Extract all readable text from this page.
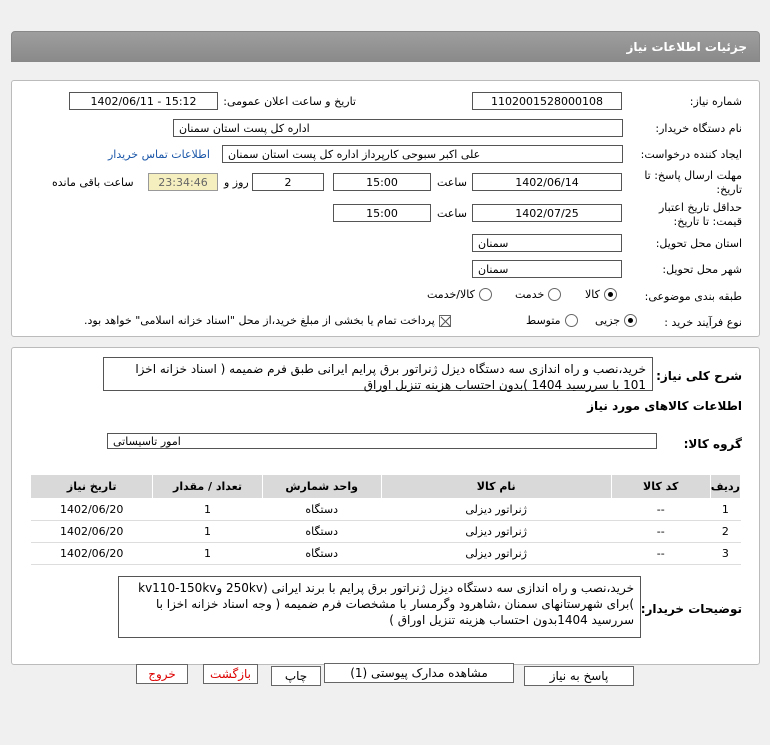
جزئیات اطلاعات نیاز
شماره نیاز:
1102001528000108
تاریخ و ساعت اعلان عمومی:
1402/06/11 - 15:12
نام دستگاه خریدار:
اداره کل پست استان سمنان
ایجاد کننده درخواست:
علی اکبر سبوحی کارپرداز اداره کل پست استان سمنان
اطلاعات تماس خریدار
مهلت ارسال پاسخ: تا
تاریخ:
1402/06/14
ساعت
15:00
2
روز و
23:34:46
ساعت باقی مانده
حداقل تاریخ اعتبار
قیمت: تا تاریخ:
1402/07/25
ساعت
15:00
استان محل تحویل:
سمنان
شهر محل تحویل:
سمنان
طبقه بندی موضوعی:
کالا
خدمت
کالا/خدمت
نوع فرآیند خرید :
جزیی
متوسط
پرداخت تمام یا بخشی از مبلغ خرید،از محل "اسناد خزانه اسلامی" خواهد بود.
شرح کلی نیاز:
خرید،نصب و راه اندازی سه دستگاه دیزل ژنراتور برق پرایم ایرانی طبق فرم ضمیمه ( اسناد خزانه اخزا 101 با سررسید 1404 )بدون احتساب هزینه تنزیل اوراق
اطلاعات کالاهای مورد نیاز
گروه کالا:
امور تاسیساتی
ردیف	کد کالا	نام کالا	واحد شمارش	تعداد / مقدار	تاریخ نیاز
1	--	ژنراتور دیزلی	دستگاه	1	1402/06/20
2	--	ژنراتور دیزلی	دستگاه	1	1402/06/20
3	--	ژنراتور دیزلی	دستگاه	1	1402/06/20
توضیحات خریدار:
خرید،نصب و راه اندازی سه دستگاه دیزل ژنراتور برق پرایم با برند ایرانی (250kv وkv110-150kv )برای شهرستانهای سمنان ،شاهرود وگرمسار با مشخصات فرم ضمیمه ( وجه اسناد خزانه اخزا با سررسید 1404بدون احتساب هزینه تنزیل اوراق )
پاسخ به نیاز
مشاهده مدارک پیوستی (1)
چاپ
بازگشت
خروج
